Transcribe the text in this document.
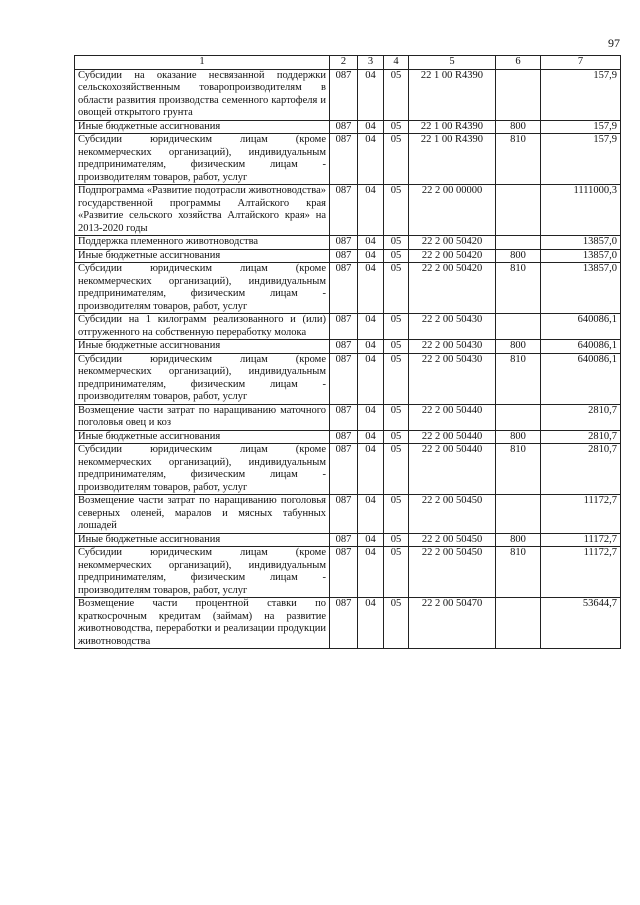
97
1	2	3	4	5	6	7
Субсидии на оказание несвязанной поддержки сельскохозяйственным товаропроизводителям в области развития производства семенного картофеля и овощей открытого грунта	087	04	05	22 1 00 R4390		157,9
Иные бюджетные ассигнования	087	04	05	22 1 00 R4390	800	157,9
Субсидии юридическим лицам (кроме некоммерческих организаций), индивидуальным предпринимателям, физическим лицам - производителям товаров, работ, услуг	087	04	05	22 1 00 R4390	810	157,9
Подпрограмма «Развитие подотрасли животноводства» государственной программы Алтайского края «Развитие сельского хозяйства Алтайского края» на 2013-2020 годы	087	04	05	22 2 00 00000		1111000,3
Поддержка племенного животноводства	087	04	05	22 2 00 50420		13857,0
Иные бюджетные ассигнования	087	04	05	22 2 00 50420	800	13857,0
Субсидии юридическим лицам (кроме некоммерческих организаций), индивидуальным предпринимателям, физическим лицам - производителям товаров, работ, услуг	087	04	05	22 2 00 50420	810	13857,0
Субсидии на 1 килограмм реализованного и (или) отгруженного на собственную переработку молока	087	04	05	22 2 00 50430		640086,1
Иные бюджетные ассигнования	087	04	05	22 2 00 50430	800	640086,1
Субсидии юридическим лицам (кроме некоммерческих организаций), индивидуальным предпринимателям, физическим лицам - производителям товаров, работ, услуг	087	04	05	22 2 00 50430	810	640086,1
Возмещение части затрат по наращиванию маточного поголовья овец и коз	087	04	05	22 2 00 50440		2810,7
Иные бюджетные ассигнования	087	04	05	22 2 00 50440	800	2810,7
Субсидии юридическим лицам (кроме некоммерческих организаций), индивидуальным предпринимателям, физическим лицам - производителям товаров, работ, услуг	087	04	05	22 2 00 50440	810	2810,7
Возмещение части затрат по наращиванию поголовья северных оленей, маралов и мясных табунных лошадей	087	04	05	22 2 00 50450		11172,7
Иные бюджетные ассигнования	087	04	05	22 2 00 50450	800	11172,7
Субсидии юридическим лицам (кроме некоммерческих организаций), индивидуальным предпринимателям, физическим лицам - производителям товаров, работ, услуг	087	04	05	22 2 00 50450	810	11172,7
Возмещение части процентной ставки по краткосрочным кредитам (займам) на развитие животноводства, переработки и реализации продукции животноводства	087	04	05	22 2 00 50470		53644,7
